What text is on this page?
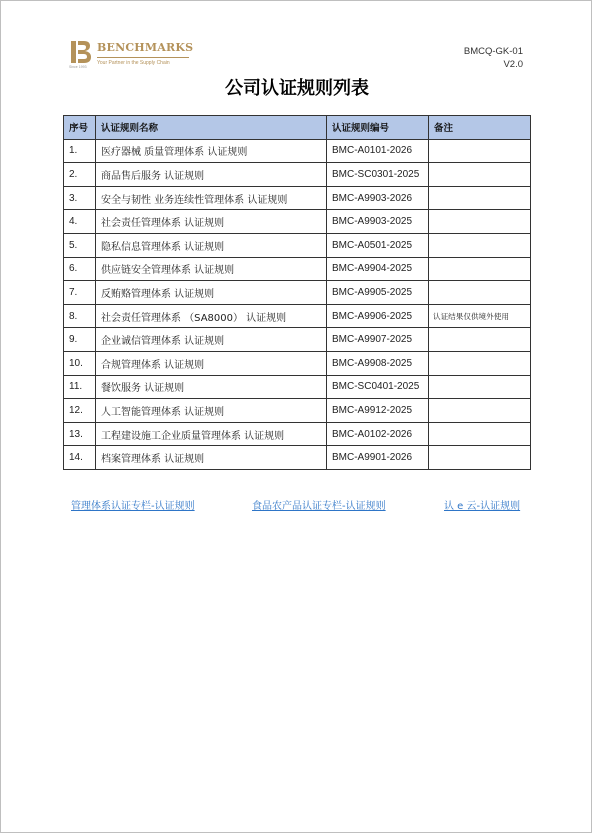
BENCHMARKS
Your Partner in the Supply Chain
Since 1993
BMCQ-GK-01
V2.0
公司认证规则列表
序号	认证规则名称	认证规则编号	备注
1.	医疗器械 质量管理体系 认证规则	BMC-A0101-2026	
2.	商品售后服务 认证规则	BMC-SC0301-2025	
3.	安全与韧性 业务连续性管理体系 认证规则	BMC-A9903-2026	
4.	社会责任管理体系 认证规则	BMC-A9903-2025	
5.	隐私信息管理体系 认证规则	BMC-A0501-2025	
6.	供应链安全管理体系 认证规则	BMC-A9904-2025	
7.	反贿赂管理体系 认证规则	BMC-A9905-2025	
8.	社会责任管理体系 （SA8000） 认证规则	BMC-A9906-2025	认证结果仅供境外使用
9.	企业诚信管理体系 认证规则	BMC-A9907-2025	
10.	合规管理体系 认证规则	BMC-A9908-2025	
11.	餐饮服务 认证规则	BMC-SC0401-2025	
12.	人工智能管理体系 认证规则	BMC-A9912-2025	
13.	工程建设施工企业质量管理体系 认证规则	BMC-A0102-2026	
14.	档案管理体系 认证规则	BMC-A9901-2026	
管理体系认证专栏-认证规则	食品农产品认证专栏-认证规则	认 e 云-认证规则
